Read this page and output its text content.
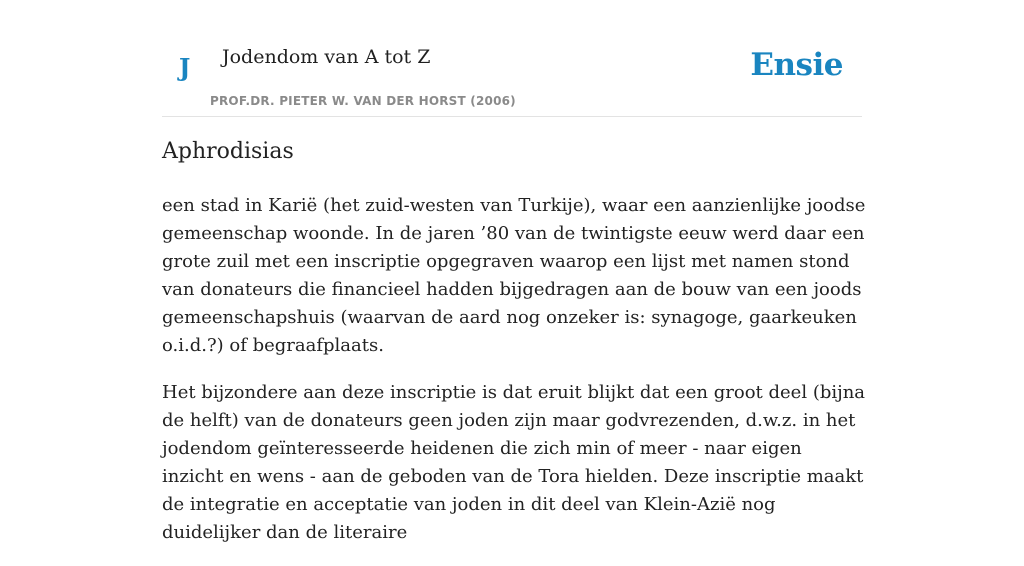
J Jodendom van A tot Z
PROF.DR. PIETER W. VAN DER HORST (2006)
Ensie
Aphrodisias

een stad in Kariё (het zuid-westen van Turkije), waar een aanzienlijke joodse gemeenschap woonde. In de jaren ’80 van de twintigste eeuw werd daar een grote zuil met een inscriptie opgegraven waarop een lijst met namen stond van donateurs die financieel hadden bijgedragen aan de bouw van een joods gemeenschapshuis (waarvan de aard nog onzeker is: synagoge, gaarkeuken o.i.d.?) of begraafplaats.

Het bijzondere aan deze inscriptie is dat eruit blijkt dat een groot deel (bijna de helft) van de donateurs geen joden zijn maar godvrezenden, d.w.z. in het jodendom geïnteresseerde heidenen die zich min of meer - naar eigen inzicht en wens - aan de geboden van de Tora hielden. Deze inscriptie maakt de integratie en acceptatie van joden in dit deel van Klein-Azië nog duidelijker dan de literaire
